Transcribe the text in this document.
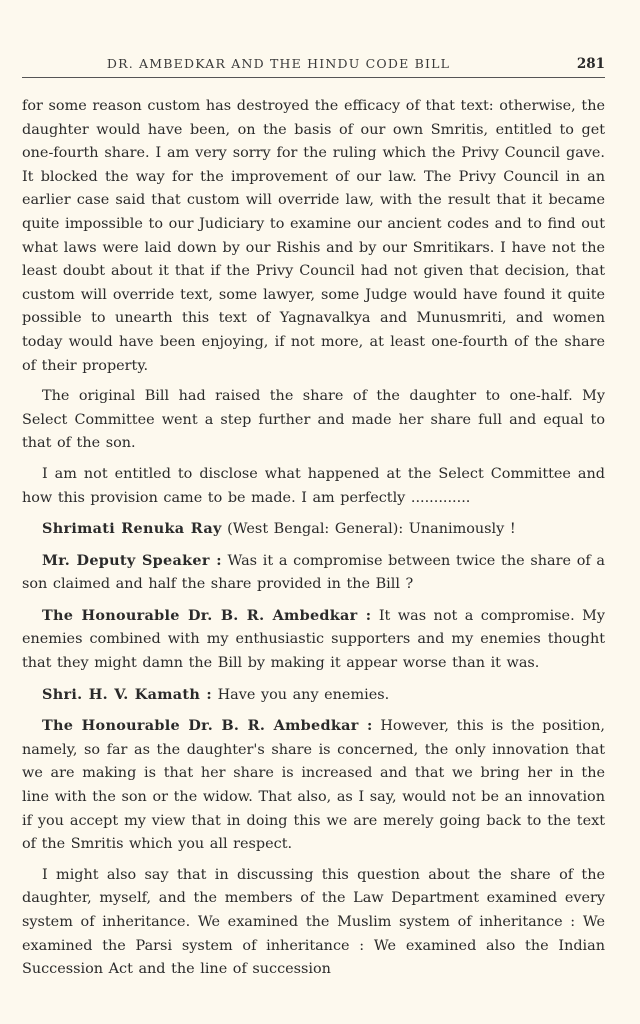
DR. AMBEDKAR AND THE HINDU CODE BILL	281

for some reason custom has destroyed the efficacy of that text: otherwise, the daughter would have been, on the basis of our own Smritis, entitled to get one-fourth share. I am very sorry for the ruling which the Privy Council gave. It blocked the way for the improvement of our law. The Privy Council in an earlier case said that custom will override law, with the result that it became quite impossible to our Judiciary to examine our ancient codes and to find out what laws were laid down by our Rishis and by our Smritikars. I have not the least doubt about it that if the Privy Council had not given that decision, that custom will override text, some lawyer, some Judge would have found it quite possible to unearth this text of Yagnavalkya and Munusmriti, and women today would have been enjoying, if not more, at least one-fourth of the share of their property.

The original Bill had raised the share of the daughter to one-half. My Select Committee went a step further and made her share full and equal to that of the son.

I am not entitled to disclose what happened at the Select Committee and how this provision came to be made. I am perfectly .............

Shrimati Renuka Ray (West Bengal: General): Unanimously !

Mr. Deputy Speaker : Was it a compromise between twice the share of a son claimed and half the share provided in the Bill ?

The Honourable Dr. B. R. Ambedkar : It was not a compromise. My enemies combined with my enthusiastic supporters and my enemies thought that they might damn the Bill by making it appear worse than it was.

Shri. H. V. Kamath : Have you any enemies.

The Honourable Dr. B. R. Ambedkar : However, this is the position, namely, so far as the daughter's share is concerned, the only innovation that we are making is that her share is increased and that we bring her in the line with the son or the widow. That also, as I say, would not be an innovation if you accept my view that in doing this we are merely going back to the text of the Smritis which you all respect.

I might also say that in discussing this question about the share of the daughter, myself, and the members of the Law Department examined every system of inheritance. We examined the Muslim system of inheritance : We examined the Parsi system of inheritance : We examined also the Indian Succession Act and the line of succession
